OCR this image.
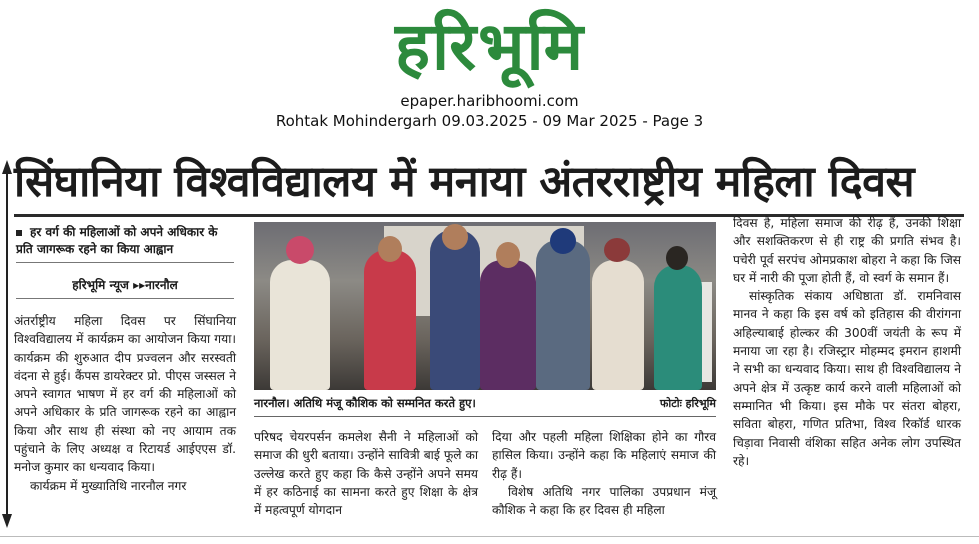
हरिभूमि
epaper.haribhoomi.com
Rohtak Mohindergarh 09.03.2025 - 09 Mar 2025 - Page 3
सिंघानिया विश्वविद्यालय में मनाया अंतरराष्ट्रीय महिला दिवस
हर वर्ग की महिलाओं को अपने अधिकार के प्रति जागरूक रहने का किया आह्वान
हरिभूमि न्यूज ▸▸नारनौल

अंतर्राष्ट्रीय महिला दिवस पर सिंघानिया विश्वविद्यालय में कार्यक्रम का आयोजन किया गया। कार्यक्रम की शुरुआत दीप प्रज्वलन और सरस्वती वंदना से हुई। कैंपस डायरेक्टर प्रो. पीएस जस्सल ने अपने स्वागत भाषण में हर वर्ग की महिलाओं को अपने अधिकार के प्रति जागरूक रहने का आह्वान किया और साथ ही संस्था को नए आयाम तक पहुंचाने के लिए अध्यक्ष व रिटायर्ड आईएएस डॉ. मनोज कुमार का धन्यवाद किया।

कार्यक्रम में मुख्यातिथि नारनौल नगर

नारनौल। अतिथि मंजू कौशिक को सम्मनित करते हुए।	फोटोः हरिभूमि

परिषद चेयरपर्सन कमलेश सैनी ने महिलाओं को समाज की धुरी बताया। उन्होंने सावित्री बाई फूले का उल्लेख करते हुए कहा कि कैसे उन्होंने अपने समय में हर कठिनाई का सामना करते हुए शिक्षा के क्षेत्र में महत्वपूर्ण योगदान

दिया और पहली महिला शिक्षिका होने का गौरव हासिल किया। उन्होंने कहा कि महिलाएं समाज की रीढ़ हैं।

विशेष अतिथि नगर पालिका उपप्रधान मंजू कौशिक ने कहा कि हर दिवस ही महिला

दिवस है, महिला समाज की रीढ़ हैं, उनकी शिक्षा और सशक्तिकरण से ही राष्ट्र की प्रगति संभव है। पचेरी पूर्व सरपंच ओमप्रकाश बोहरा ने कहा कि जिस घर में नारी की पूजा होती हैं, वो स्वर्ग के समान हैं।

सांस्कृतिक संकाय अधिष्ठाता डॉ. रामनिवास मानव ने कहा कि इस वर्ष को इतिहास की वीरांगना अहिल्याबाई होल्कर की 300वीं जयंती के रूप में मनाया जा रहा है। रजिस्ट्रार मोहम्मद इमरान हाशमी ने सभी का धन्यवाद किया। साथ ही विश्वविद्यालय ने अपने क्षेत्र में उत्कृष्ट कार्य करने वाली महिलाओं को सम्मानित भी किया। इस मौके पर संतरा बोहरा, सविता बोहरा, गणित प्रतिभा, विश्व रिकॉर्ड धारक चिड़ावा निवासी वंशिका सहित अनेक लोग उपस्थित रहे।
